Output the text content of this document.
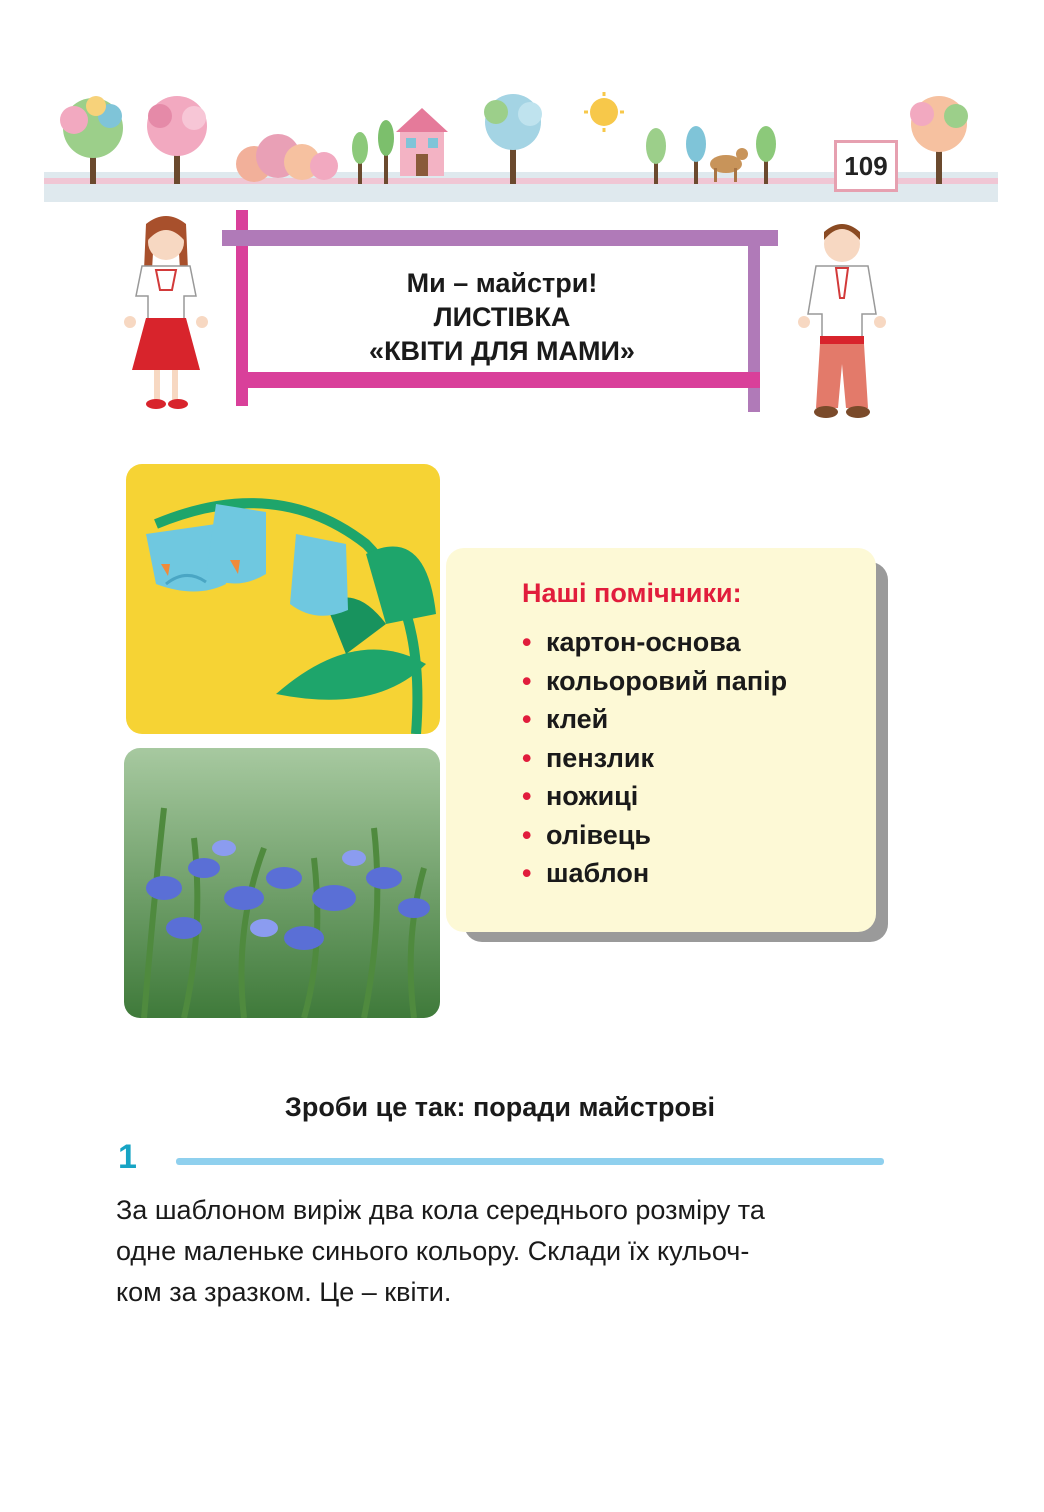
109
Ми – майстри!
ЛИСТІВКА
«КВІТИ ДЛЯ МАМИ»
Наші помічники:
• картон-основа
• кольоровий папір
• клей
• пензлик
• ножиці
• олівець
• шаблон
Зроби це так: поради майстрові
1
За шаблоном виріж два кола середнього розміру та
одне маленьке синього кольору. Склади їх кульоч-
ком за зразком. Це – квіти.
